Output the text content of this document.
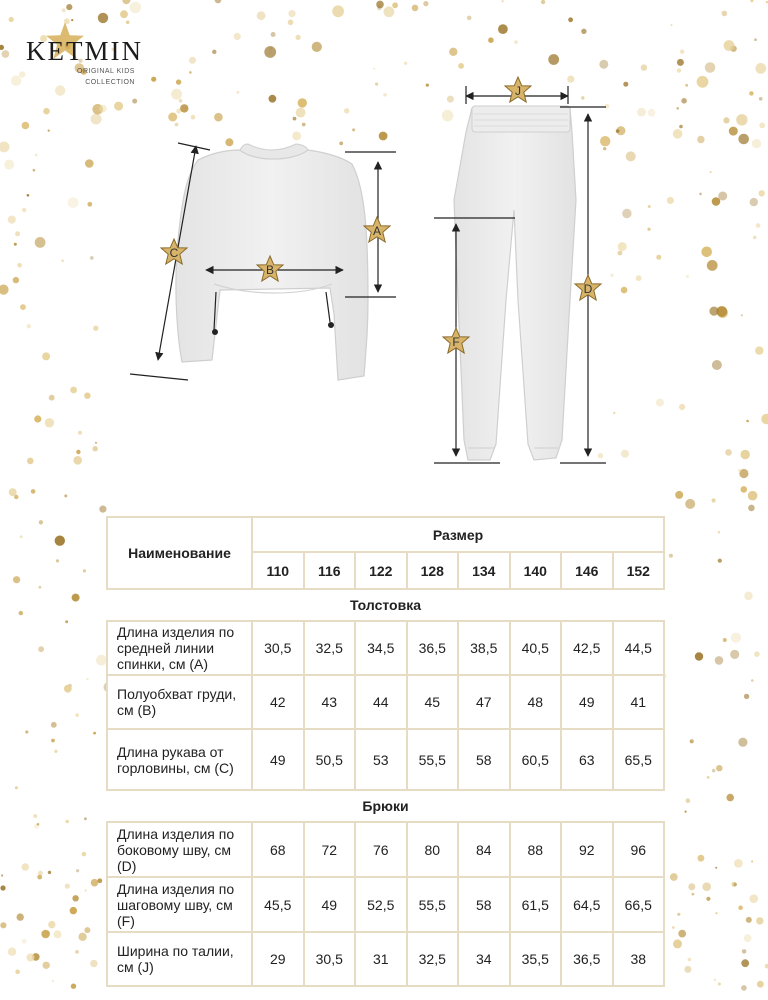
KETMIN
ORIGINAL KIDS
COLLECTION
A
B
C
J
D
F
Наименование	Размер							
	110	116	122	128	134	140	146	152
Толстовка								
Длина изделия по средней линии спинки, см (А)	30,5	32,5	34,5	36,5	38,5	40,5	42,5	44,5
Полуобхват груди, см (В)	42	43	44	45	47	48	49	41
Длина рукава от горловины, см (С)	49	50,5	53	55,5	58	60,5	63	65,5
Брюки								
Длина изделия по боковому шву, см (D)	68	72	76	80	84	88	92	96
Длина изделия по шаговому шву, см (F)	45,5	49	52,5	55,5	58	61,5	64,5	66,5
Ширина по талии, см (J)	29	30,5	31	32,5	34	35,5	36,5	38
